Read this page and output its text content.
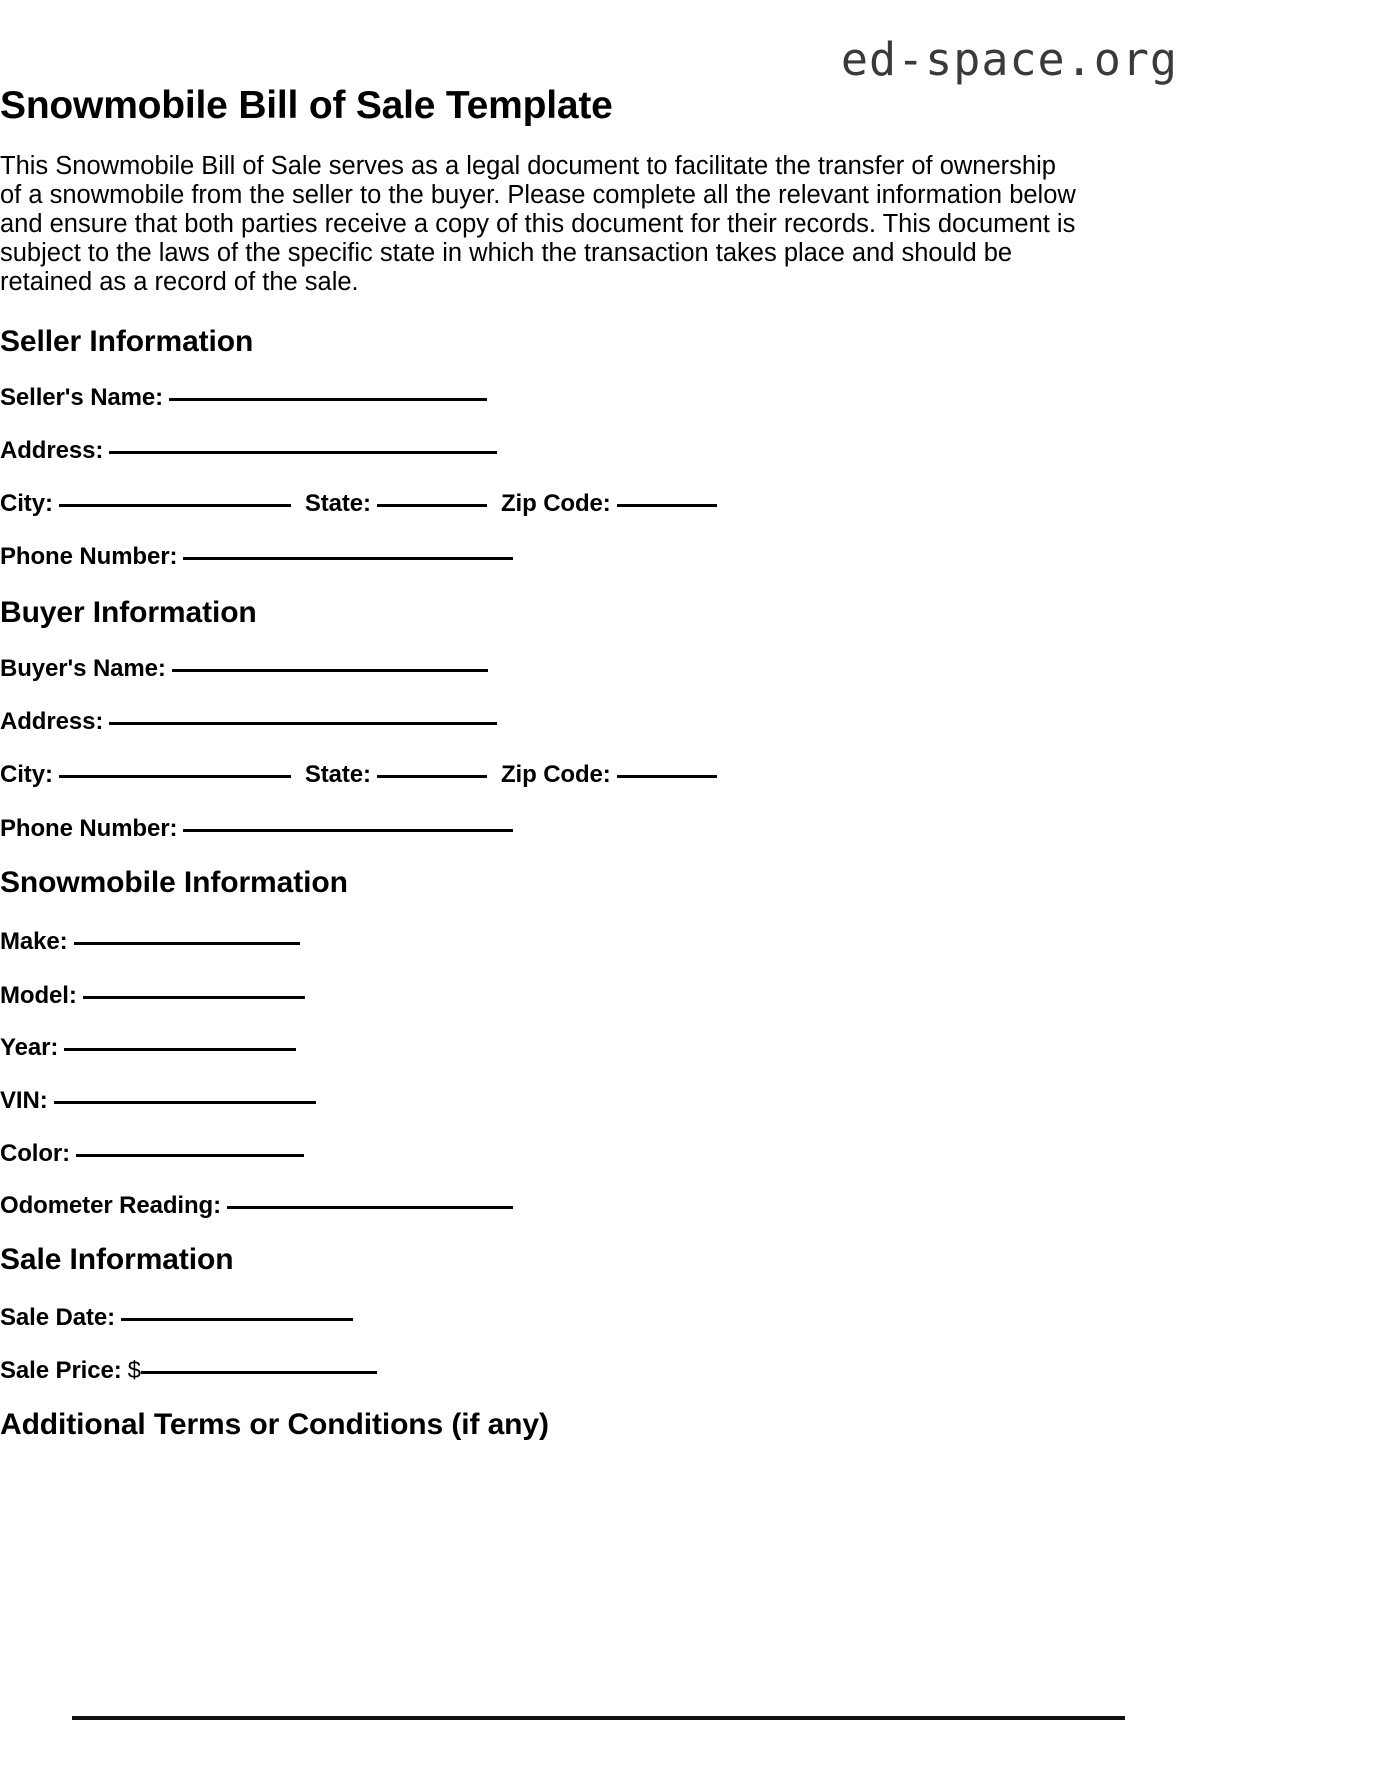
ed-space.org
Snowmobile Bill of Sale Template
This Snowmobile Bill of Sale serves as a legal document to facilitate the transfer of ownership of a snowmobile from the seller to the buyer. Please complete all the relevant information below and ensure that both parties receive a copy of this document for their records. This document is subject to the laws of the specific state in which the transaction takes place and should be retained as a record of the sale.
Seller Information
Seller's Name:
Address:
City:	State:	Zip Code:
Phone Number:
Buyer Information
Buyer's Name:
Address:
City:	State:	Zip Code:
Phone Number:
Snowmobile Information
Make:
Model:
Year:
VIN:
Color:
Odometer Reading:
Sale Information
Sale Date:
Sale Price: $
Additional Terms or Conditions (if any)
